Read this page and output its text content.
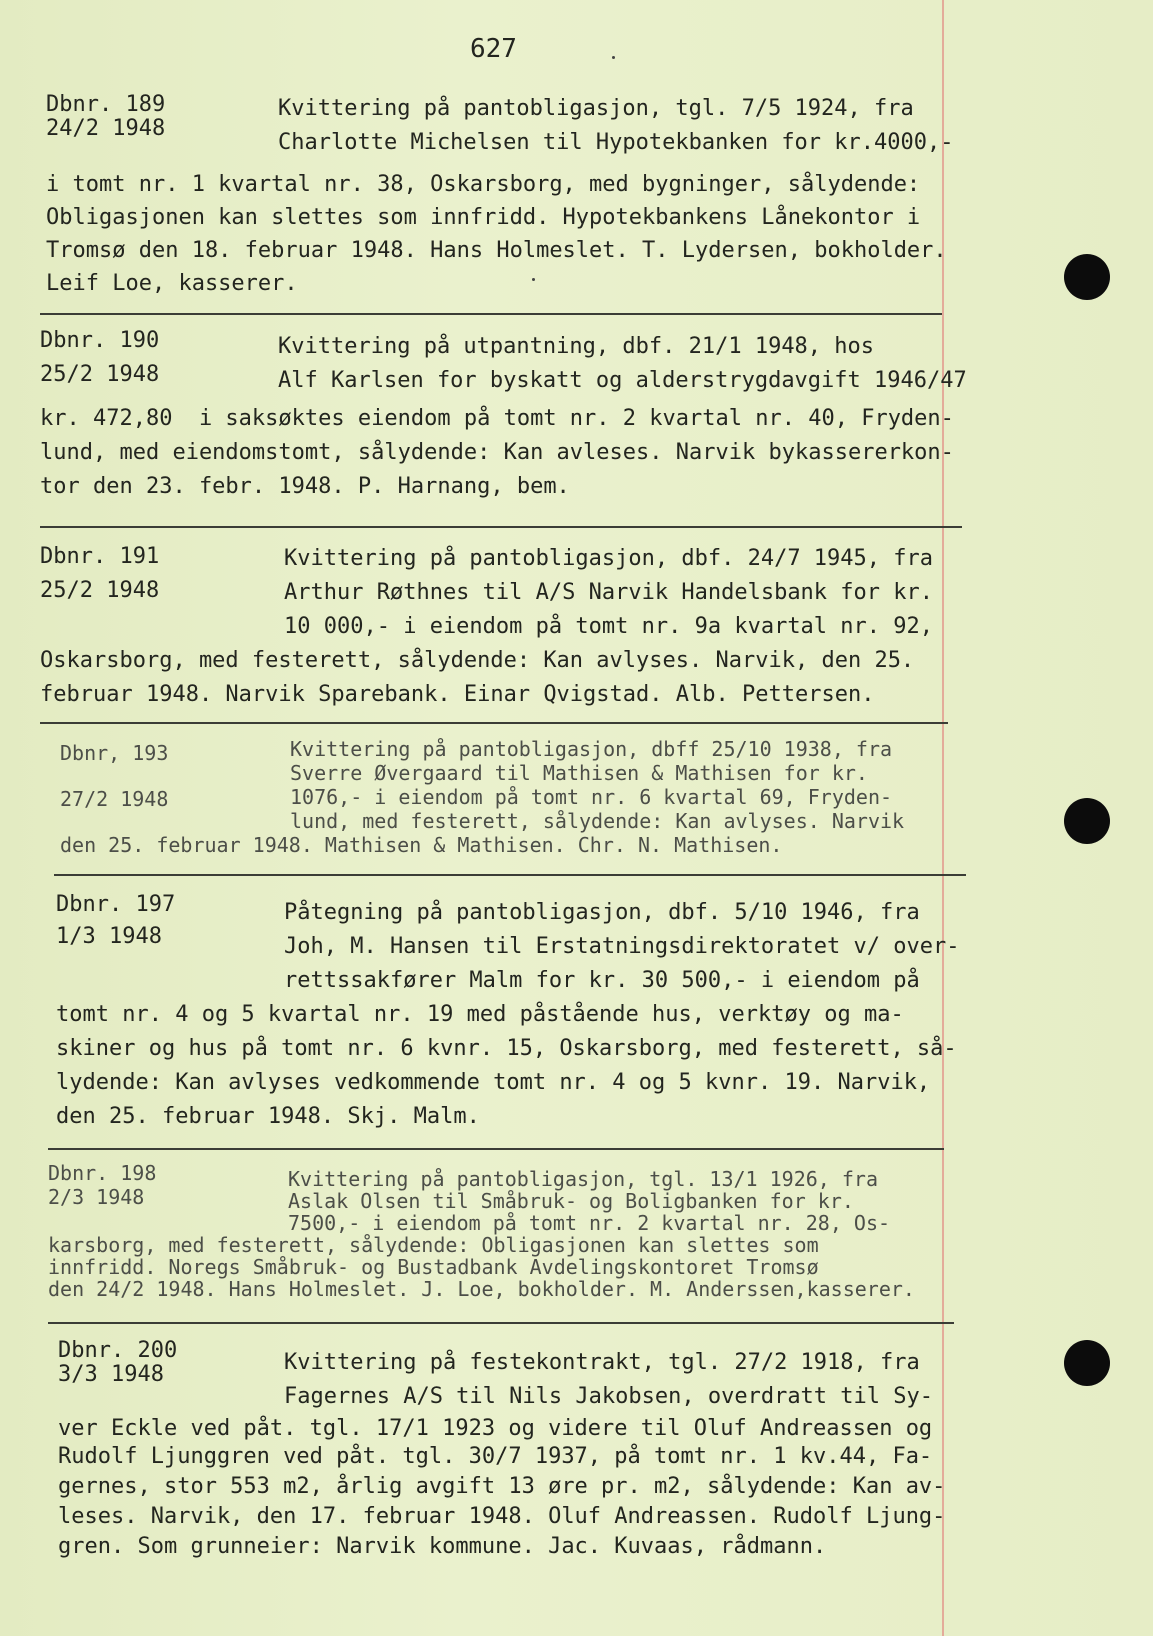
627
Dbnr. 189
24/2 1948
Kvittering på pantobligasjon, tgl. 7/5 1924, fra
Charlotte Michelsen til Hypotekbanken for kr.4000,-
i tomt nr. 1 kvartal nr. 38, Oskarsborg, med bygninger, sålydende:
Obligasjonen kan slettes som innfridd. Hypotekbankens Lånekontor i
Tromsø den 18. februar 1948. Hans Holmeslet. T. Lydersen, bokholder.
Leif Loe, kasserer.
Dbnr. 190
25/2 1948
Kvittering på utpantning, dbf. 21/1 1948, hos
Alf Karlsen for byskatt og alderstrygdavgift 1946/47
kr. 472,80  i saksøktes eiendom på tomt nr. 2 kvartal nr. 40, Fryden-
lund, med eiendomstomt, sålydende: Kan avleses. Narvik bykassererkon-
tor den 23. febr. 1948. P. Harnang, bem.
Dbnr. 191
25/2 1948
Kvittering på pantobligasjon, dbf. 24/7 1945, fra
Arthur Røthnes til A/S Narvik Handelsbank for kr.
10 000,- i eiendom på tomt nr. 9a kvartal nr. 92,
Oskarsborg, med festerett, sålydende: Kan avlyses. Narvik, den 25.
februar 1948. Narvik Sparebank. Einar Qvigstad. Alb. Pettersen.
Dbnr, 193
27/2 1948
Kvittering på pantobligasjon, dbff 25/10 1938, fra
Sverre Øvergaard til Mathisen & Mathisen for kr.
1076,- i eiendom på tomt nr. 6 kvartal 69, Fryden-
lund, med festerett, sålydende: Kan avlyses. Narvik
den 25. februar 1948. Mathisen & Mathisen. Chr. N. Mathisen.
Dbnr. 197
1/3 1948
Påtegning på pantobligasjon, dbf. 5/10 1946, fra
Joh, M. Hansen til Erstatningsdirektoratet v/ over-
rettssakfører Malm for kr. 30 500,- i eiendom på
tomt nr. 4 og 5 kvartal nr. 19 med påstående hus, verktøy og ma-
skiner og hus på tomt nr. 6 kvnr. 15, Oskarsborg, med festerett, så-
lydende: Kan avlyses vedkommende tomt nr. 4 og 5 kvnr. 19. Narvik,
den 25. februar 1948. Skj. Malm.
Dbnr. 198
2/3 1948
Kvittering på pantobligasjon, tgl. 13/1 1926, fra
Aslak Olsen til Småbruk- og Boligbanken for kr.
7500,- i eiendom på tomt nr. 2 kvartal nr. 28, Os-
karsborg, med festerett, sålydende: Obligasjonen kan slettes som
innfridd. Noregs Småbruk- og Bustadbank Avdelingskontoret Tromsø
den 24/2 1948. Hans Holmeslet. J. Loe, bokholder. M. Anderssen,kasserer.
Dbnr. 200
3/3 1948	Kvittering på festekontrakt, tgl. 27/2 1918, fra
Fagernes A/S til Nils Jakobsen, overdratt til Sy-
ver Eckle ved påt. tgl. 17/1 1923 og videre til Oluf Andreassen og
Rudolf Ljunggren ved påt. tgl. 30/7 1937, på tomt nr. 1 kv.44, Fa-
gernes, stor 553 m2, årlig avgift 13 øre pr. m2, sålydende: Kan av-
leses. Narvik, den 17. februar 1948. Oluf Andreassen. Rudolf Ljung-
gren. Som grunneier: Narvik kommune. Jac. Kuvaas, rådmann.
